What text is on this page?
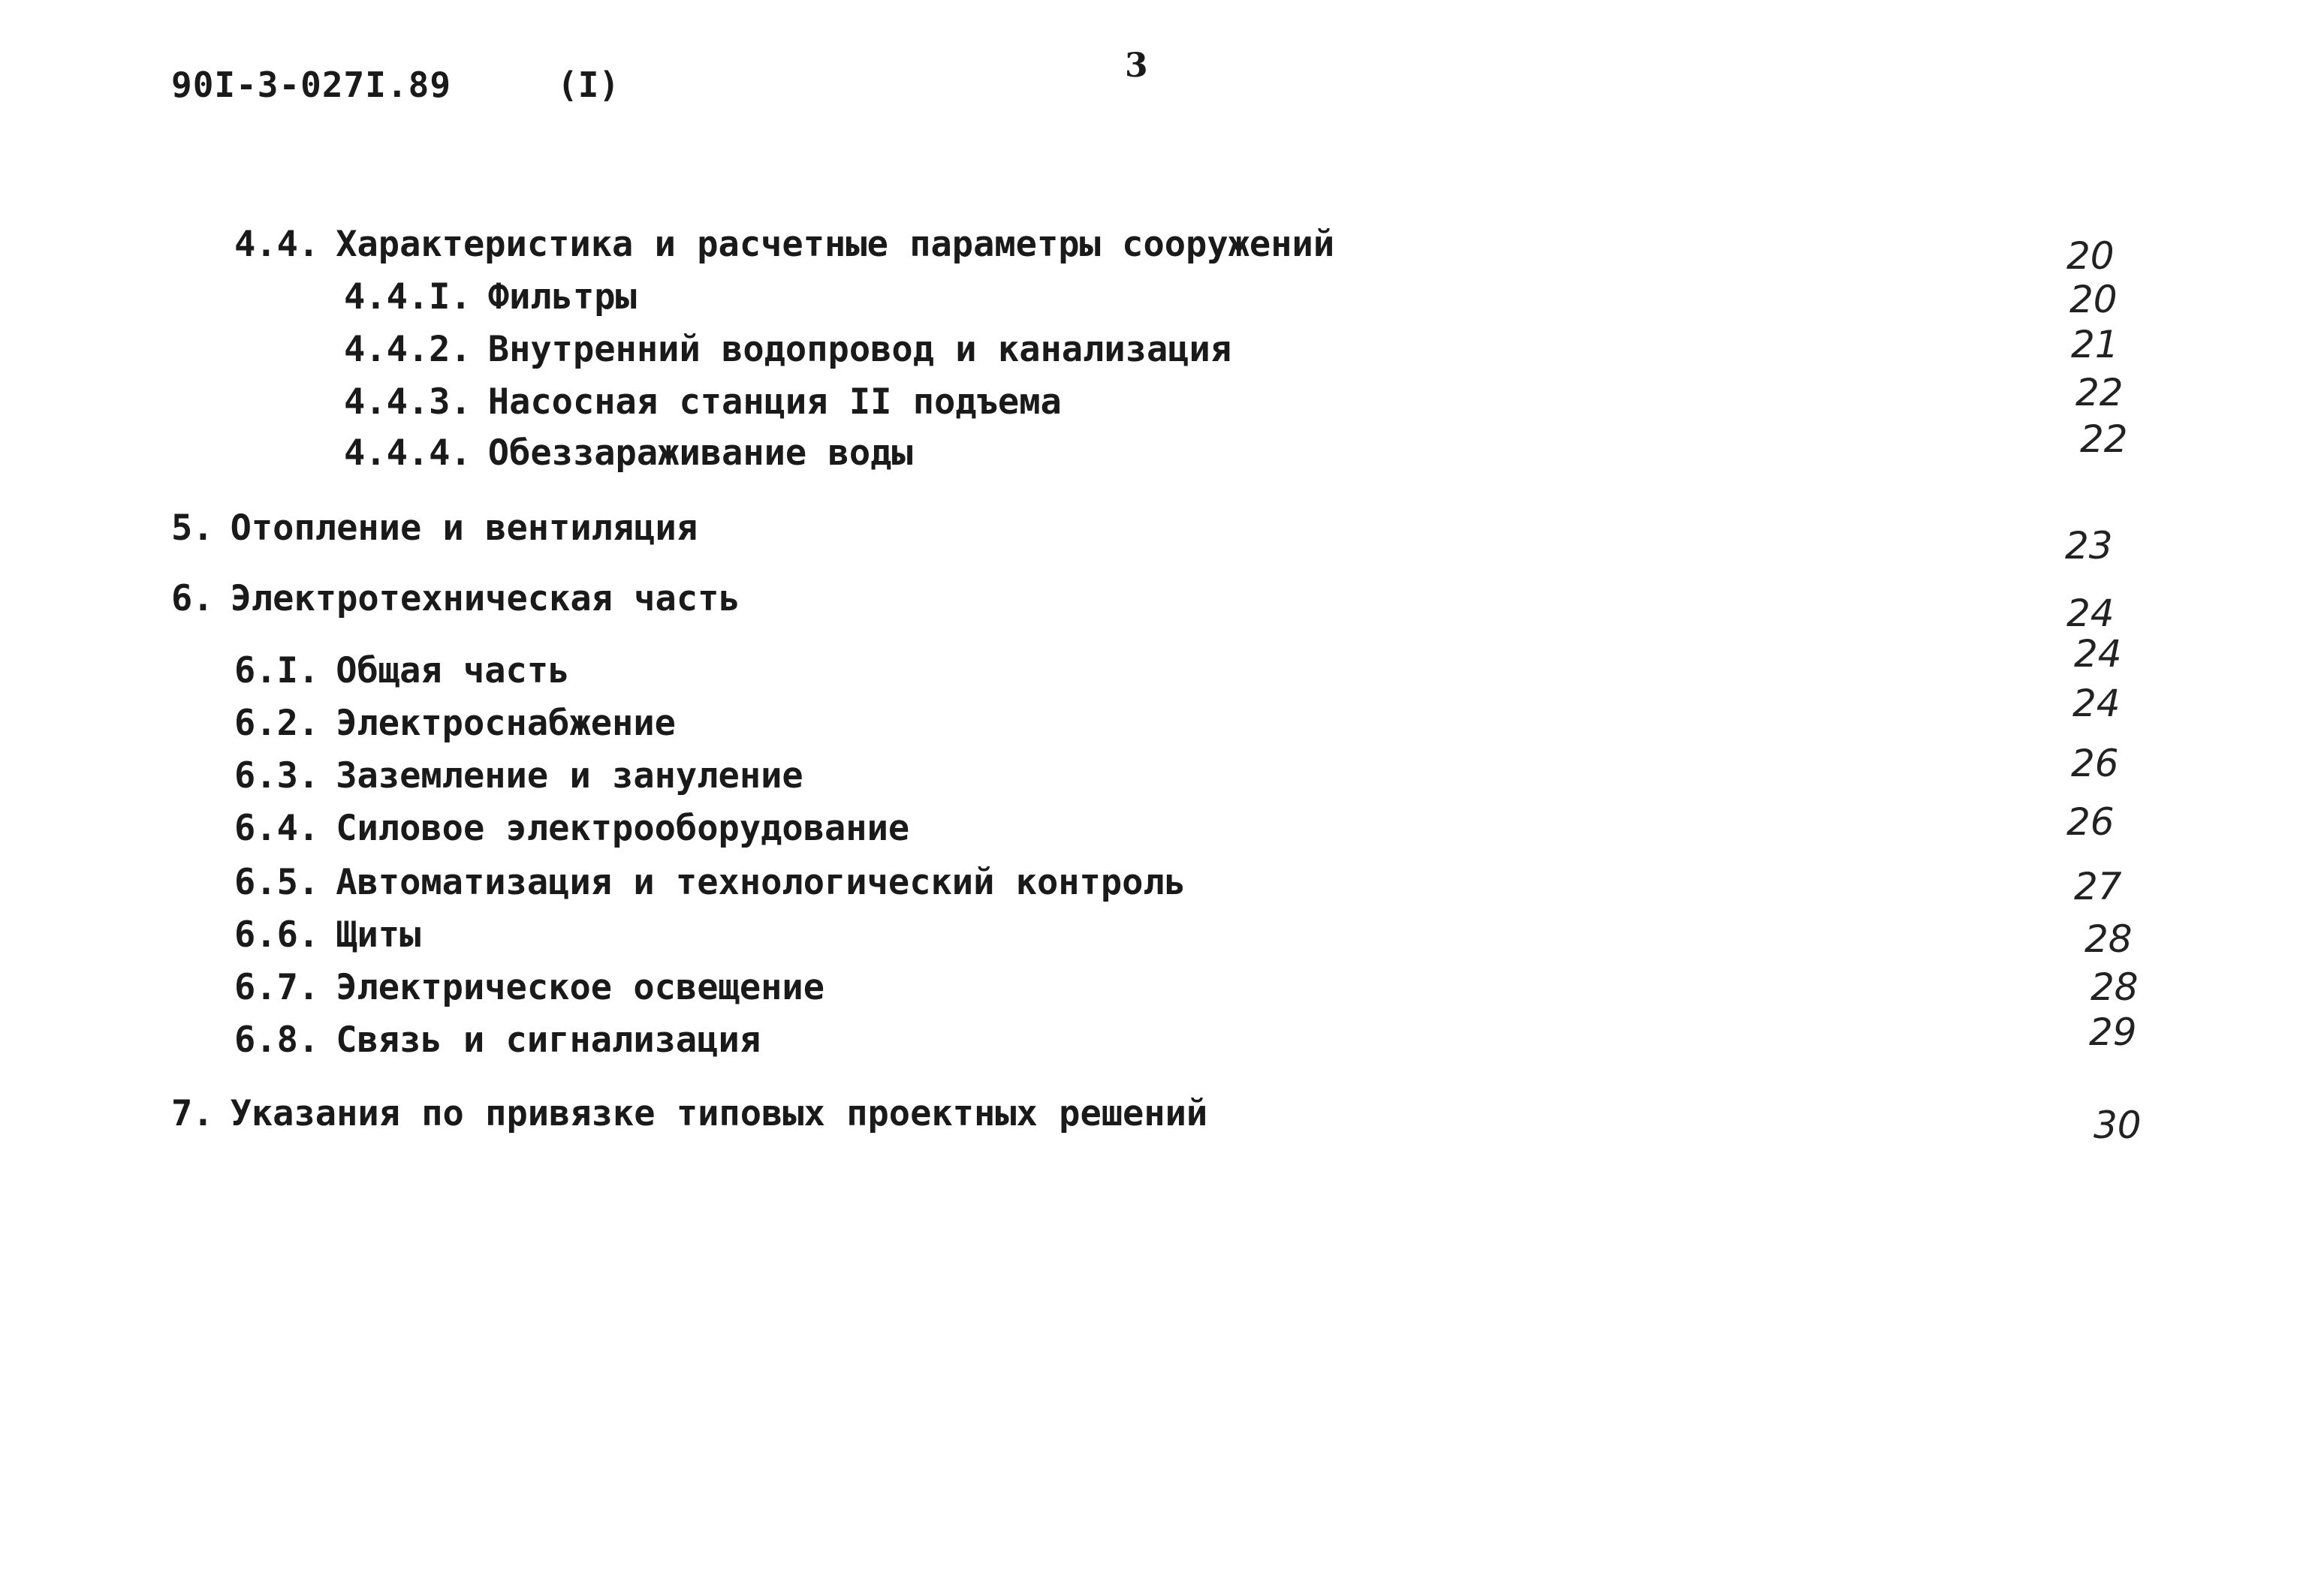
90I-3-027I.89	(I)	3
4.4. Характеристика и расчетные параметры сооружений	20
4.4.I. Фильтры	20
4.4.2. Внутренний водопровод и канализация	21
4.4.3. Насосная станция II подъема	22
4.4.4. Обеззараживание воды	22
5. Отопление и вентиляция	23
6. Электротехническая часть	24
6.I. Общая часть	24
6.2. Электроснабжение	24
6.3. Заземление и зануление	26
6.4. Силовое электрооборудование	26
6.5. Автоматизация и технологический контроль	27
6.6. Щиты	28
6.7. Электрическое освещение	28
6.8. Связь и сигнализация	29
7. Указания по привязке типовых проектных решений	30
